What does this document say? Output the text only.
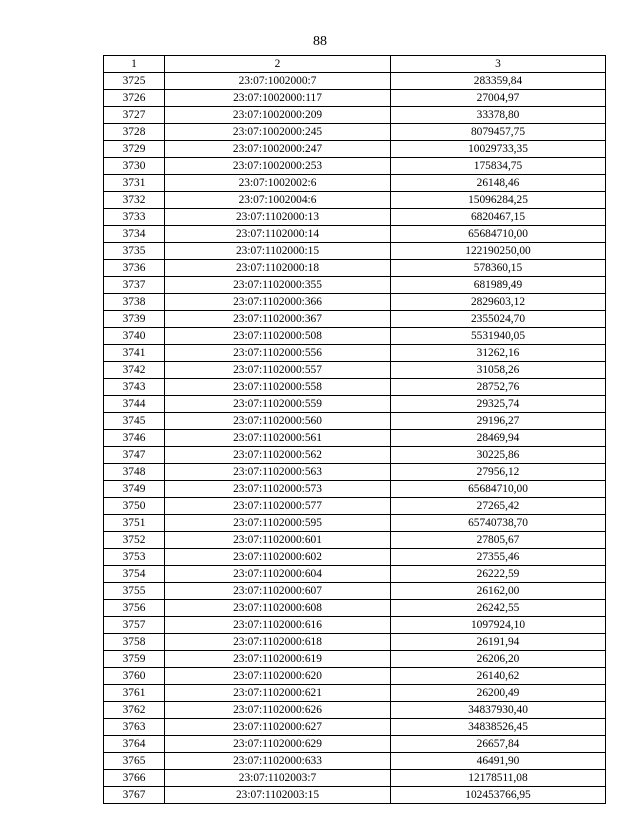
88
1	2	3
3725	23:07:1002000:7	283359,84
3726	23:07:1002000:117	27004,97
3727	23:07:1002000:209	33378,80
3728	23:07:1002000:245	8079457,75
3729	23:07:1002000:247	10029733,35
3730	23:07:1002000:253	175834,75
3731	23:07:1002002:6	26148,46
3732	23:07:1002004:6	15096284,25
3733	23:07:1102000:13	6820467,15
3734	23:07:1102000:14	65684710,00
3735	23:07:1102000:15	122190250,00
3736	23:07:1102000:18	578360,15
3737	23:07:1102000:355	681989,49
3738	23:07:1102000:366	2829603,12
3739	23:07:1102000:367	2355024,70
3740	23:07:1102000:508	5531940,05
3741	23:07:1102000:556	31262,16
3742	23:07:1102000:557	31058,26
3743	23:07:1102000:558	28752,76
3744	23:07:1102000:559	29325,74
3745	23:07:1102000:560	29196,27
3746	23:07:1102000:561	28469,94
3747	23:07:1102000:562	30225,86
3748	23:07:1102000:563	27956,12
3749	23:07:1102000:573	65684710,00
3750	23:07:1102000:577	27265,42
3751	23:07:1102000:595	65740738,70
3752	23:07:1102000:601	27805,67
3753	23:07:1102000:602	27355,46
3754	23:07:1102000:604	26222,59
3755	23:07:1102000:607	26162,00
3756	23:07:1102000:608	26242,55
3757	23:07:1102000:616	1097924,10
3758	23:07:1102000:618	26191,94
3759	23:07:1102000:619	26206,20
3760	23:07:1102000:620	26140,62
3761	23:07:1102000:621	26200,49
3762	23:07:1102000:626	34837930,40
3763	23:07:1102000:627	34838526,45
3764	23:07:1102000:629	26657,84
3765	23:07:1102000:633	46491,90
3766	23:07:1102003:7	12178511,08
3767	23:07:1102003:15	102453766,95
